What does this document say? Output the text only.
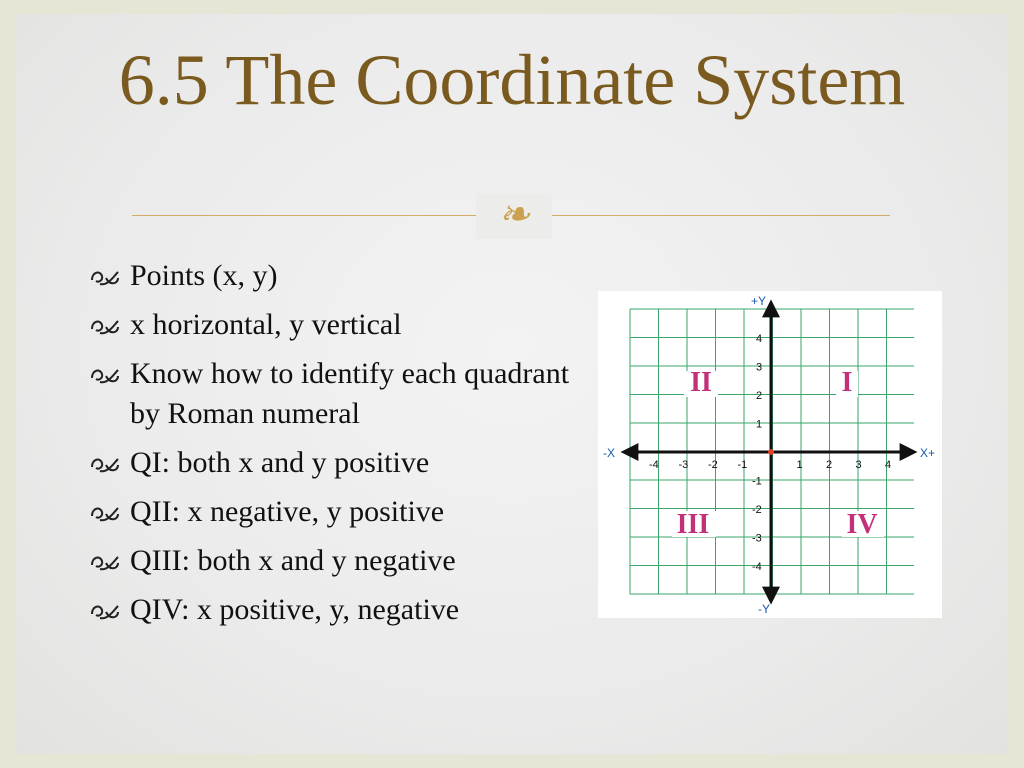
6.5 The Coordinate System
❧
Points (x, y)
x horizontal, y vertical
Know how to identify each quadrant by Roman numeral
QI: both x and y positive
QII: x negative, y positive
QIII: both x and y negative
QIV: x positive, y, negative
X+
-X
+Y
-Y
-4 -3 -2 -1	1 2 3 4
4
3
2
1
-1
-2
-3
-4
II	I
III	IV
